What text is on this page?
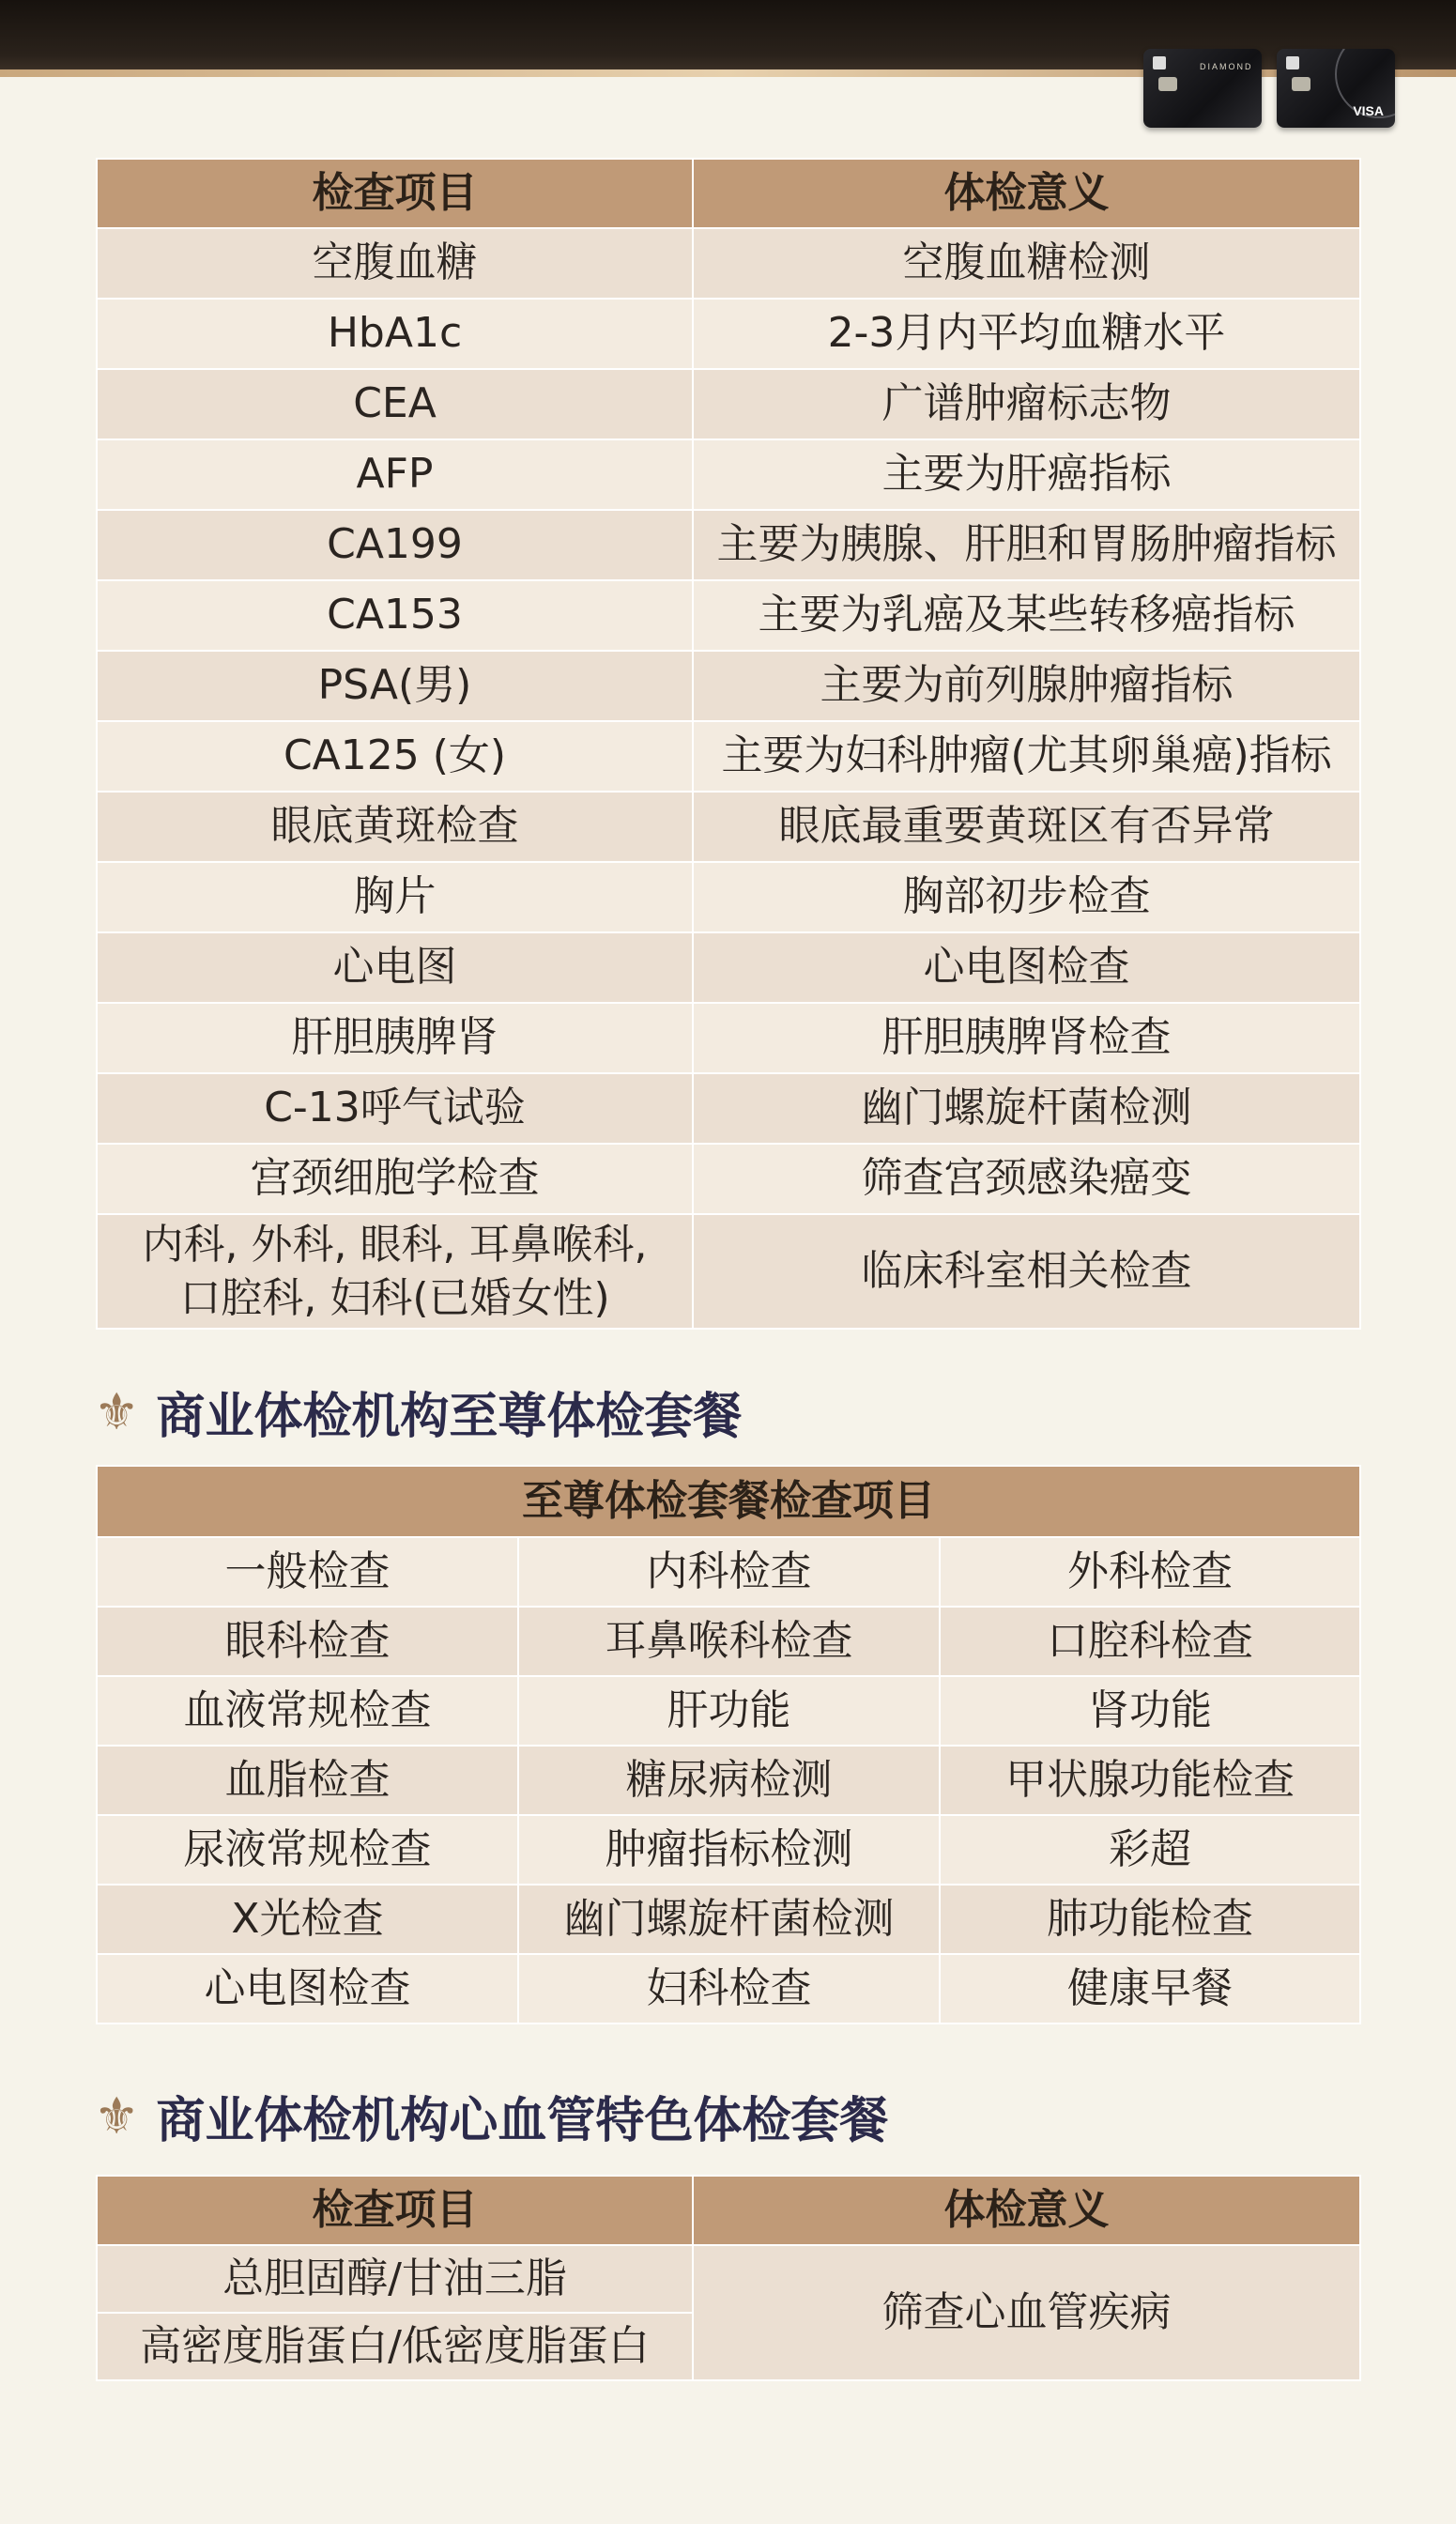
DIAMOND
VISA
检查项目	体检意义
空腹血糖	空腹血糖检测
HbA1c	2-3月内平均血糖水平
CEA	广谱肿瘤标志物
AFP	主要为肝癌指标
CA199	主要为胰腺、肝胆和胃肠肿瘤指标
CA153	主要为乳癌及某些转移癌指标
PSA(男)	主要为前列腺肿瘤指标
CA125 (女)	主要为妇科肿瘤(尤其卵巢癌)指标
眼底黄斑检查	眼底最重要黄斑区有否异常
胸片	胸部初步检查
心电图	心电图检查
肝胆胰脾肾	肝胆胰脾肾检查
C-13呼气试验	幽门螺旋杆菌检测
宫颈细胞学检查	筛查宫颈感染癌变

内科, 外科, 眼科, 耳鼻喉科,
口腔科, 妇科(已婚女性)	临床科室相关检查
⚜ 商业体检机构至尊体检套餐
至尊体检套餐检查项目		
一般检查	内科检查	外科检查
眼科检查	耳鼻喉科检查	口腔科检查
血液常规检查	肝功能	肾功能
血脂检查	糖尿病检测	甲状腺功能检查
尿液常规检查	肿瘤指标检测	彩超
X光检查	幽门螺旋杆菌检测	肺功能检查
心电图检查	妇科检查	健康早餐
⚜ 商业体检机构心血管特色体检套餐
检查项目	体检意义
总胆固醇/甘油三脂	筛查心血管疾病
高密度脂蛋白/低密度脂蛋白	
